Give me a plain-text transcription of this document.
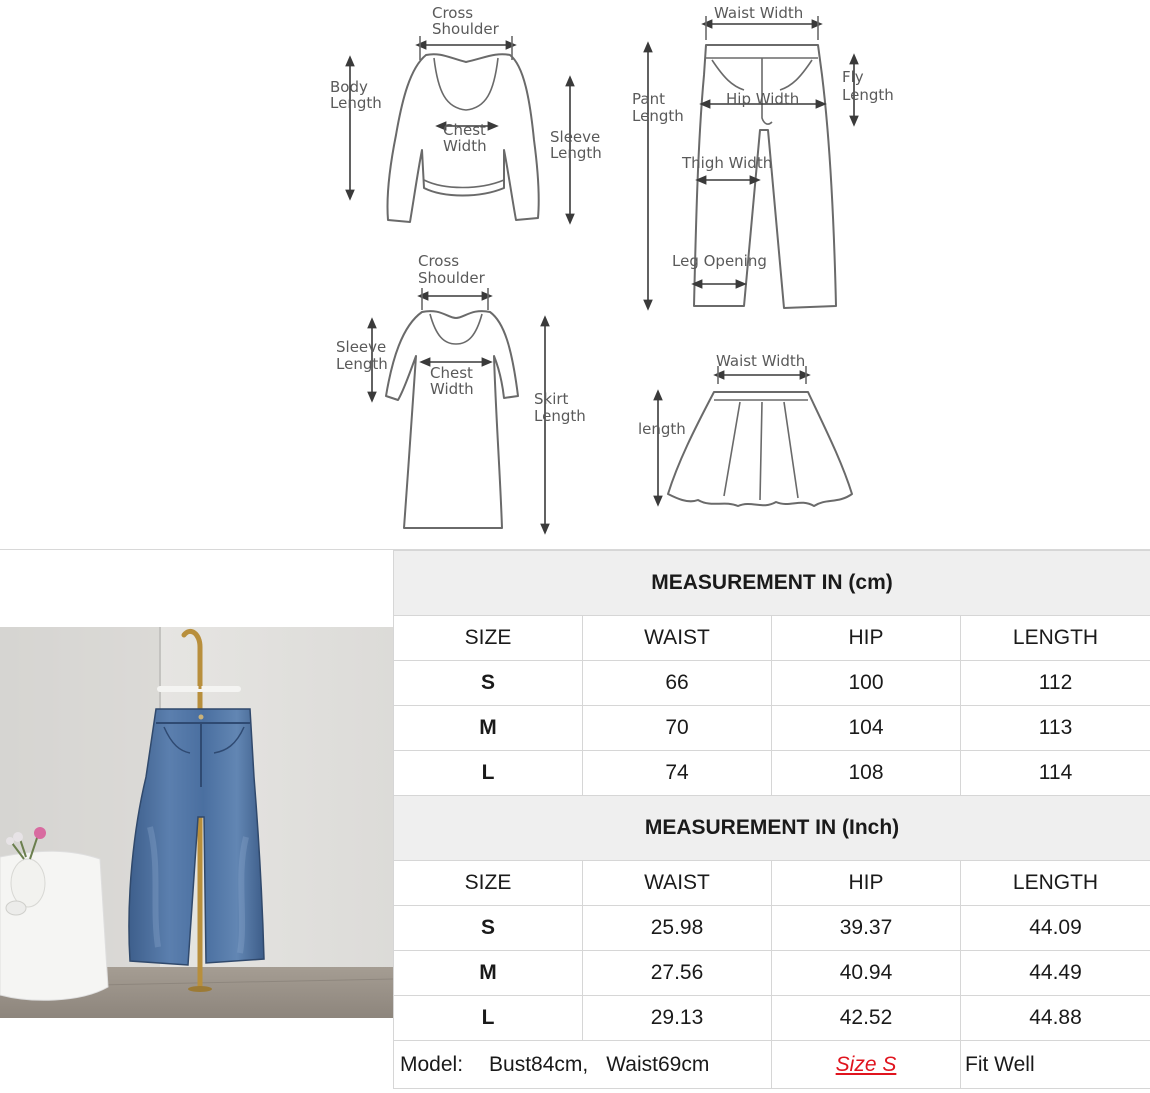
Cross Shoulder
Body Length
Chest Width	Sleeve Length
Waist Width
Fly Length
Pant Length
Hip Width
Thigh Width
Leg Opening
Cross Shoulder
Sleeve Length	Chest Width
Skirt Length
Waist Width
length
MEASUREMENT IN (cm)			
SIZE	WAIST	HIP	LENGTH
S	66	100	112
M	70	104	113
L	74	108	114
MEASUREMENT IN (Inch)			
SIZE	WAIST	HIP	LENGTH
S	25.98	39.37	44.09
M	27.56	40.94	44.49
L	29.13	42.52	44.88
Model: Bust84cm, Waist69cm		Size S	Fit Well
